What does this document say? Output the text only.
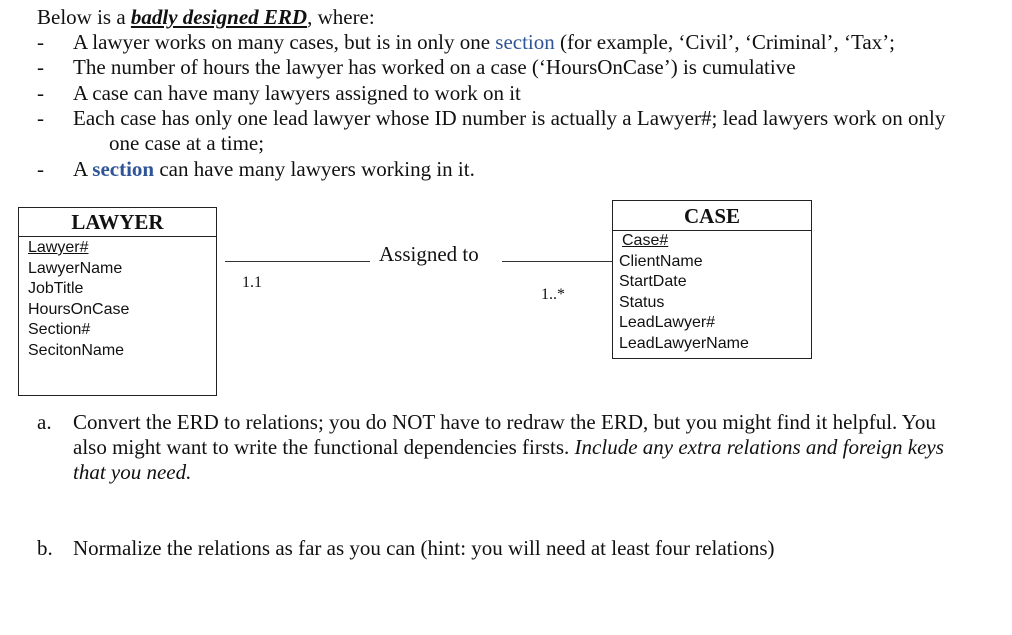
Below is a badly designed ERD, where:
- A lawyer works on many cases, but is in only one section (for example, ‘Civil’, ‘Criminal’, ‘Tax’;
- The number of hours the lawyer has worked on a case (‘HoursOnCase’) is cumulative
- A case can have many lawyers assigned to work on it
- Each case has only one lead lawyer whose ID number is actually a Lawyer#; lead lawyers work on only
one case at a time;
- A section can have many lawyers working in it.
LAWYER
Lawyer#
LawyerName
JobTitle
HoursOnCase
Section#
SecitonName
CASE
Case#
ClientName
StartDate
Status
LeadLawyer#
LeadLawyerName
Assigned to
1.1
1..*
a. Convert the ERD to relations; you do NOT have to redraw the ERD, but you might find it helpful. You
also might want to write the functional dependencies firsts. Include any extra relations and foreign keys
that you need.
b. Normalize the relations as far as you can (hint: you will need at least four relations)
